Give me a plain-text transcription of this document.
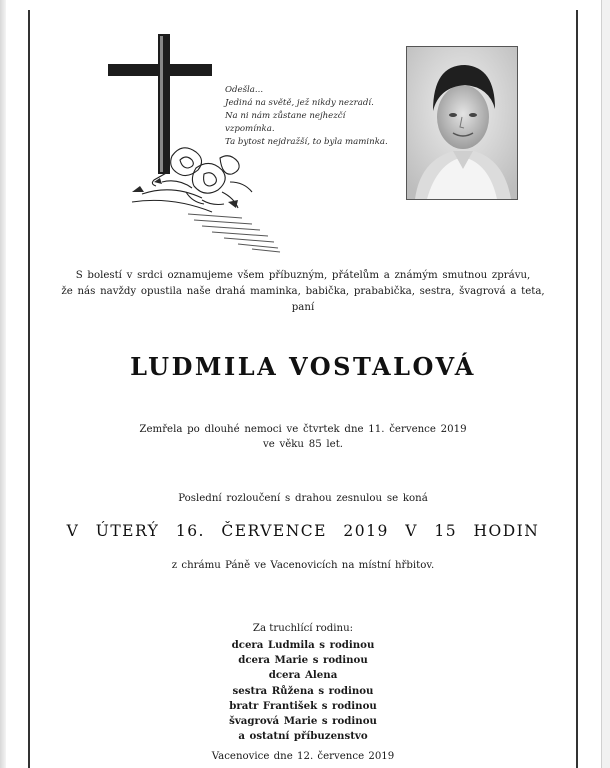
Odešla...
Jediná na světě, jež nikdy nezradí.
Na ni nám zůstane nejhezčí
vzpomínka.
Ta bytost nejdražší, to byla maminka.
S bolestí v srdci oznamujeme všem příbuzným, přátelům a známým smutnou zprávu,
že nás navždy opustila naše drahá maminka, babička, prababička, sestra, švagrová a teta,
paní
LUDMILA VOSTALOVÁ
Zemřela po dlouhé nemoci ve čtvrtek dne 11. července 2019
ve věku 85 let.
Poslední rozloučení s drahou zesnulou se koná
V ÚTERÝ 16. ČERVENCE 2019 V 15 HODIN
z chrámu Páně ve Vacenovicích na místní hřbitov.
Za truchlící rodinu:
dcera Ludmila s rodinou
dcera Marie s rodinou
dcera Alena
sestra Růžena s rodinou
bratr František s rodinou
švagrová Marie s rodinou
a ostatní příbuzenstvo
Vacenovice dne 12. července 2019
